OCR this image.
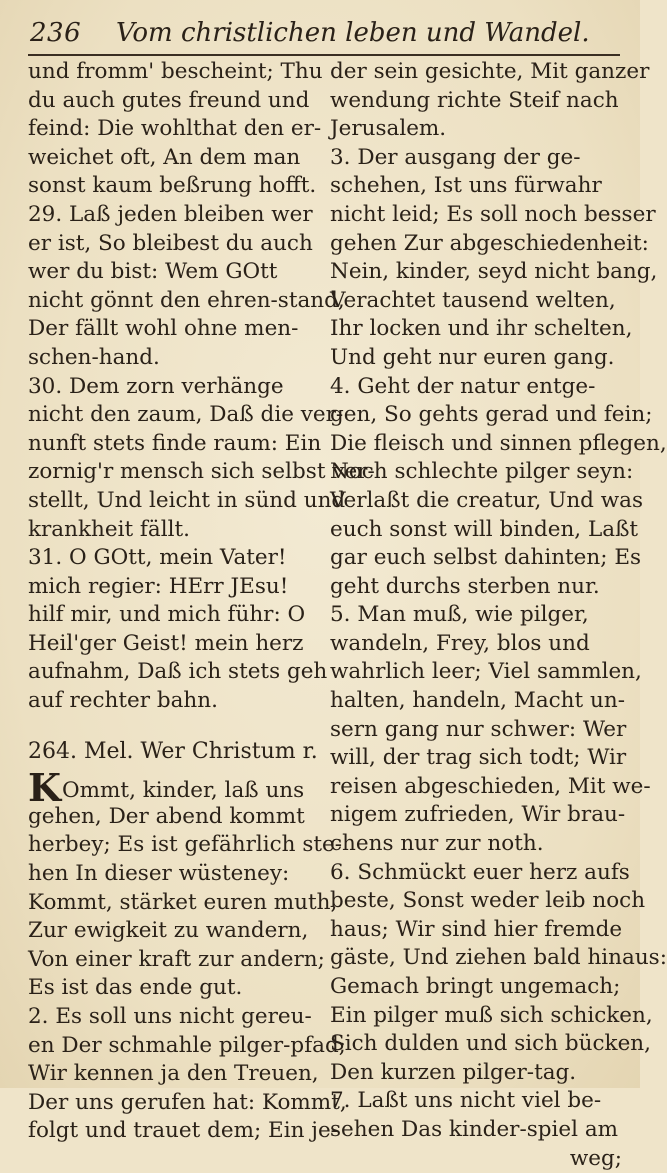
236 Vom christlichen leben und Wandel.
und fromm' bescheint; Thu
du auch gutes freund und
feind: Die wohlthat den er-
weichet oft, An dem man
sonst kaum beßrung hofft.
29. Laß jeden bleiben wer
er ist, So bleibest du auch
wer du bist: Wem GOtt
nicht gönnt den ehren-stand,
Der fällt wohl ohne men-
schen-hand.
30. Dem zorn verhänge
nicht den zaum, Daß die ver-
nunft stets finde raum: Ein
zornig'r mensch sich selbst ver-
stellt, Und leicht in sünd und
krankheit fällt.
31. O GOtt, mein Vater!
mich regier: HErr JEsu!
hilf mir, und mich führ: O
Heil'ger Geist! mein herz
aufnahm, Daß ich stets geh
auf rechter bahn.
264. Mel. Wer Christum r.
KOmmt, kinder, laß uns
gehen, Der abend kommt
herbey; Es ist gefährlich ste-
hen In dieser wüsteney:
Kommt, stärket euren muth,
Zur ewigkeit zu wandern,
Von einer kraft zur andern;
Es ist das ende gut.
2. Es soll uns nicht gereu-
en Der schmahle pilger-pfad;
Wir kennen ja den Treuen,
Der uns gerufen hat: Kommt,
folgt und trauet dem; Ein je-
der sein gesichte, Mit ganzer
wendung richte Steif nach
Jerusalem.
3. Der ausgang der ge-
schehen, Ist uns fürwahr
nicht leid; Es soll noch besser
gehen Zur abgeschiedenheit:
Nein, kinder, seyd nicht bang,
Verachtet tausend welten,
Ihr locken und ihr schelten,
Und geht nur euren gang.
4. Geht der natur entge-
gen, So gehts gerad und fein;
Die fleisch und sinnen pflegen,
Noch schlechte pilger seyn:
Verlaßt die creatur, Und was
euch sonst will binden, Laßt
gar euch selbst dahinten; Es
geht durchs sterben nur.
5. Man muß, wie pilger,
wandeln, Frey, blos und
wahrlich leer; Viel sammlen,
halten, handeln, Macht un-
sern gang nur schwer: Wer
will, der trag sich todt; Wir
reisen abgeschieden, Mit we-
nigem zufrieden, Wir brau-
chens nur zur noth.
6. Schmückt euer herz aufs
beste, Sonst weder leib noch
haus; Wir sind hier fremde
gäste, Und ziehen bald hinaus:
Gemach bringt ungemach;
Ein pilger muß sich schicken,
Sich dulden und sich bücken,
Den kurzen pilger-tag.
7. Laßt uns nicht viel be-
sehen Das kinder-spiel am
weg;
